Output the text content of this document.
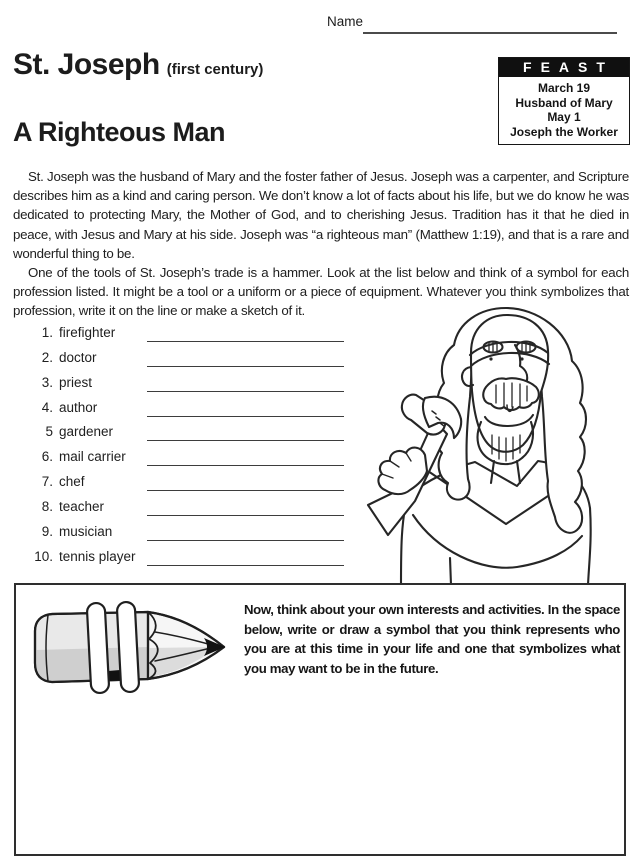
Name
St. Joseph (first century)
A Righteous Man
FEAST
March 19
Husband of Mary
May 1
Joseph the Worker

St. Joseph was the husband of Mary and the foster father of Jesus. Joseph was a carpenter, and Scripture describes him as a kind and caring person. We don’t know a lot of facts about his life, but we do know he was dedicated to protecting Mary, the Mother of God, and to cherishing Jesus. Tradition has it that he died in peace, with Jesus and Mary at his side. Joseph was “a righteous man” (Matthew 1:19), and that is a rare and wonderful thing to be.

One of the tools of St. Joseph’s trade is a hammer. Look at the list below and think of a symbol for each profession listed. It might be a tool or a uniform or a piece of equipment. Whatever you think symbolizes that profession, write it on the line or make a sketch of it.

1. firefighter
2. doctor
3. priest
4. author
5 gardener
6. mail carrier
7. chef
8. teacher
9. musician
10. tennis player
Now, think about your own interests and activities. In the space below, write or draw a symbol that you think represents who you are at this time in your life and one that symbolizes what you may want to be in the future.
